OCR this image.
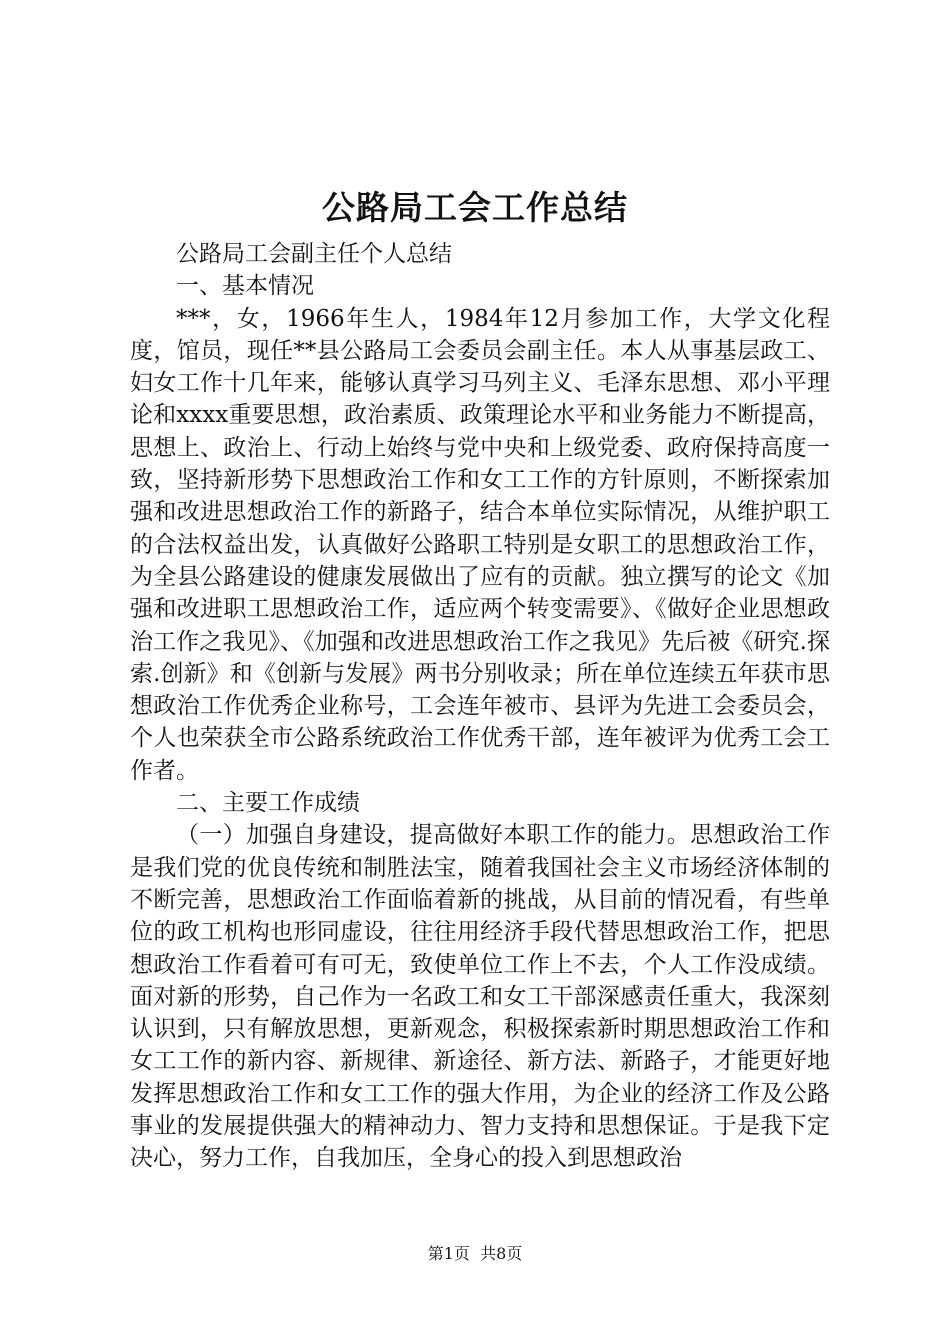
公路局工会工作总结

公路局工会副主任个人总结

一、基本情况

***，女，1966年生人，1984年12月参加工作，大学文化程度，馆员，现任**县公路局工会委员会副主任。本人从事基层政工、妇女工作十几年来，能够认真学习马列主义、毛泽东思想、邓小平理论和xxxx重要思想，政治素质、政策理论水平和业务能力不断提高，思想上、政治上、行动上始终与党中央和上级党委、政府保持高度一致，坚持新形势下思想政治工作和女工工作的方针原则，不断探索加强和改进思想政治工作的新路子，结合本单位实际情况，从维护职工的合法权益出发，认真做好公路职工特别是女职工的思想政治工作，为全县公路建设的健康发展做出了应有的贡献。独立撰写的论文《加强和改进职工思想政治工作，适应两个转变需要》、《做好企业思想政治工作之我见》、《加强和改进思想政治工作之我见》先后被《研究.探索.创新》和《创新与发展》两书分别收录；所在单位连续五年获市思想政治工作优秀企业称号，工会连年被市、县评为先进工会委员会，个人也荣获全市公路系统政治工作优秀干部，连年被评为优秀工会工作者。

二、主要工作成绩

（一）加强自身建设，提高做好本职工作的能力。思想政治工作是我们党的优良传统和制胜法宝，随着我国社会主义市场经济体制的不断完善，思想政治工作面临着新的挑战，从目前的情况看，有些单位的政工机构也形同虚设，往往用经济手段代替思想政治工作，把思想政治工作看着可有可无，致使单位工作上不去，个人工作没成绩。面对新的形势，自己作为一名政工和女工干部深感责任重大，我深刻认识到，只有解放思想，更新观念，积极探索新时期思想政治工作和女工工作的新内容、新规律、新途径、新方法、新路子，才能更好地发挥思想政治工作和女工工作的强大作用，为企业的经济工作及公路事业的发展提供强大的精神动力、智力支持和思想保证。于是我下定决心，努力工作，自我加压，全身心的投入到思想政治

第1页  共8页
